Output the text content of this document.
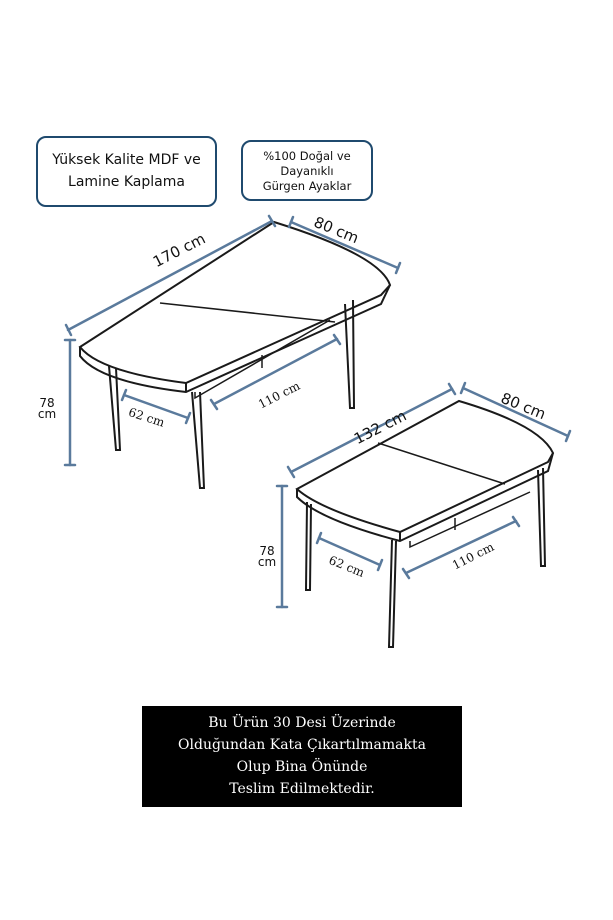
Yüksek Kalite MDF ve
Lamine Kaplama
%100 Doğal ve
Dayanıklı
Gürgen Ayaklar
170 cm	80 cm
78
cm	62 cm
110 cm
132 cm
80 cm
78
cm	62 cm	110 cm
Bu Ürün 30 Desi Üzerinde
Olduğundan Kata Çıkartılmamakta
Olup Bina Önünde
Teslim Edilmektedir.
